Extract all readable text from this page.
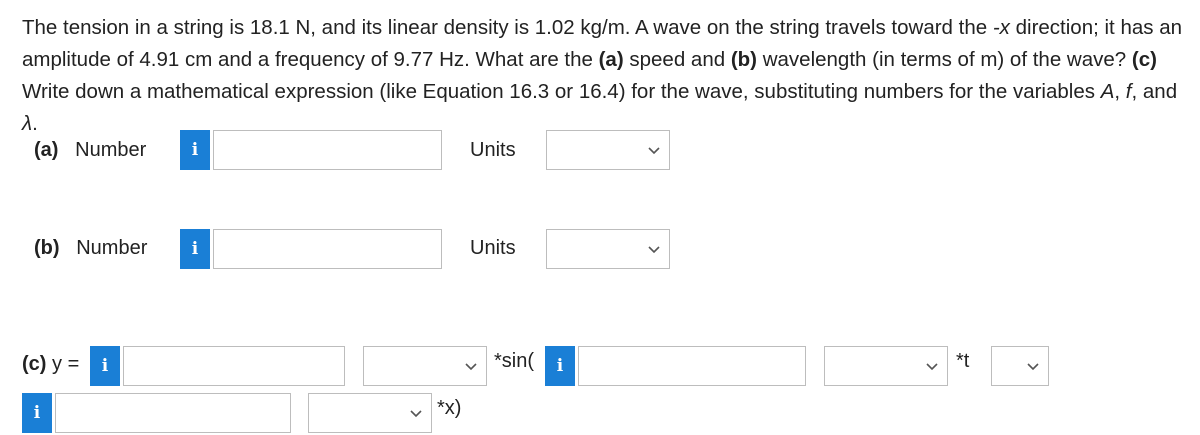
The tension in a string is 18.1 N, and its linear density is 1.02 kg/m. A wave on the string travels toward the -x direction; it has an amplitude of 4.91 cm and a frequency of 9.77 Hz. What are the (a) speed and (b) wavelength (in terms of m) of the wave? (c) Write down a mathematical expression (like Equation 16.3 or 16.4) for the wave, substituting numbers for the variables A, f, and λ.
(a) Number	i	Units
(b) Number	i	Units
(c) y = i	*sin( i	*t
i	*x)
